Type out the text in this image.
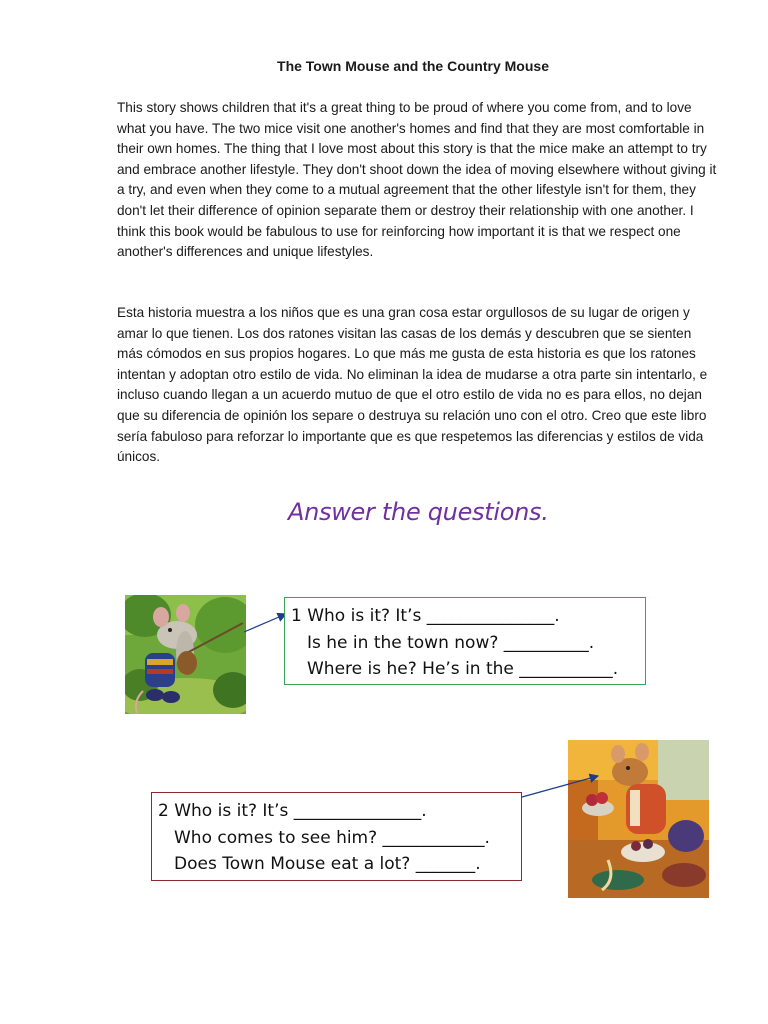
The Town Mouse and the Country Mouse

This story shows children that it's a great thing to be proud of where you come from, and to love what you have. The two mice visit one another's homes and find that they are most comfortable in their own homes. The thing that I love most about this story is that the mice make an attempt to try and embrace another lifestyle. They don't shoot down the idea of moving elsewhere without giving it a try, and even when they come to a mutual agreement that the other lifestyle isn't for them, they don't let their difference of opinion separate them or destroy their relationship with one another. I think this book would be fabulous to use for reinforcing how important it is that we respect one another's differences and unique lifestyles.

Esta historia muestra a los niños que es una gran cosa estar orgullosos de su lugar de origen y amar lo que tienen. Los dos ratones visitan las casas de los demás y descubren que se sienten más cómodos en sus propios hogares. Lo que más me gusta de esta historia es que los ratones intentan y adoptan otro estilo de vida. No eliminan la idea de mudarse a otra parte sin intentarlo, e incluso cuando llegan a un acuerdo mutuo de que el otro estilo de vida no es para ellos, no dejan que su diferencia de opinión los separe o destruya su relación uno con el otro. Creo que este libro sería fabuloso para reforzar lo importante que es que respetemos las diferencias y estilos de vida únicos.

Answer the questions.
1 Who is it? It’s _______________.
Is he in the town now? __________.
Where is he? He’s in the ___________.
2 Who is it? It’s _______________.
Who comes to see him? ____________.
Does Town Mouse eat a lot? _______.
